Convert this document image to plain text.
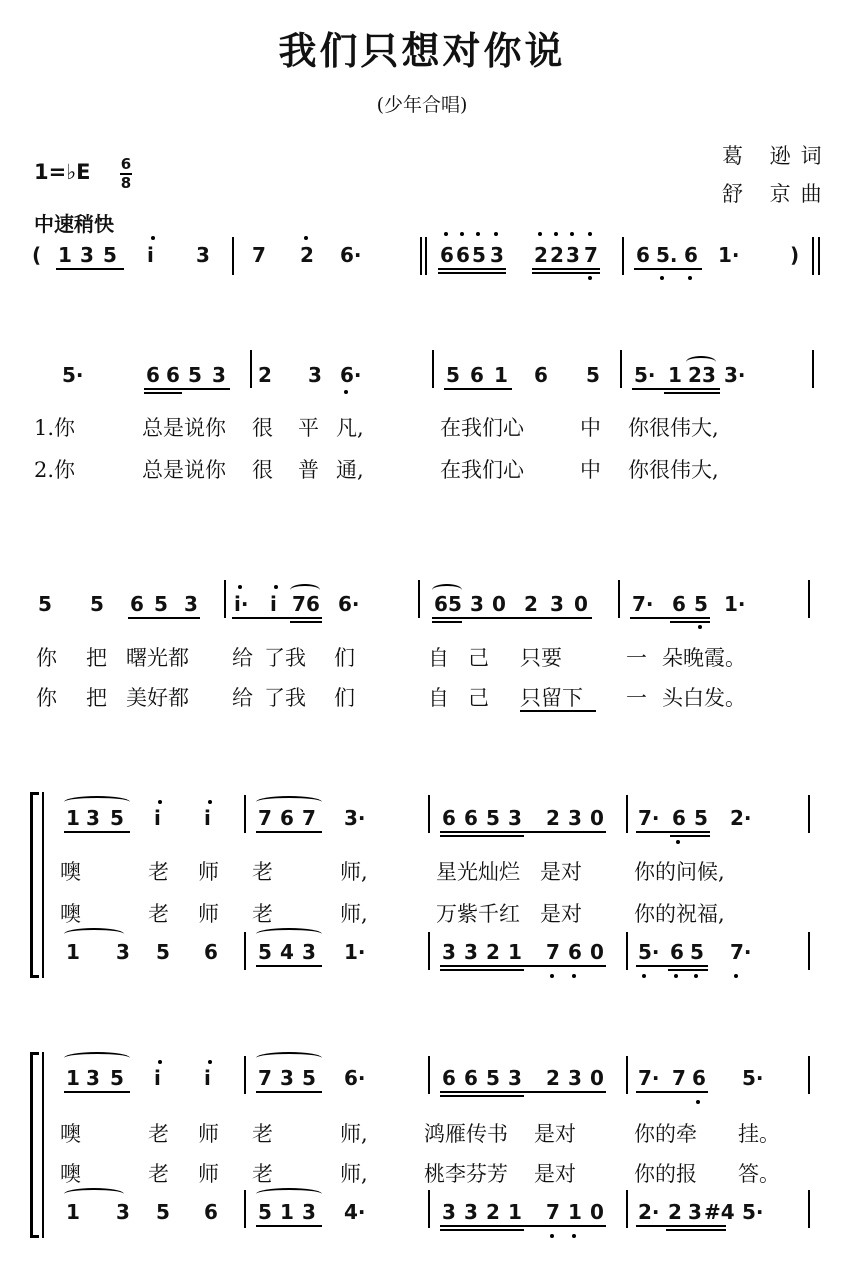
我们只想对你说
(少年合唱)
葛 逊词
舒 京曲
1=♭E 6
8
中速稍快
( 1 3 5 i 3 7 2 6·	6 6 5 3 2 2 3 7 6 5. 6 1·	)
5·	6 6 5 3 2 3 6·	5 6 1 6 5 5· 1 2 3 3·
1.你	总是说你 很 平 凡,	在我们心	中 你很伟大,
2.你	总是说你 很 普 通,	在我们心	中 你很伟大,
5 5 6 5 3 i· i 7 6 6·	6 5 3 0 2 3 0 7· 6 5 1·
你 把 曙光都 给 了我 们	自 己 只要	一 朵晚霞。
你 把 美好都 给 了我 们	自 己 只留下 一 头白发。
1 3 5 i i 7 6 7 3·	6 6 5 3 2 3 0 7· 6 5 2·
噢	老 师 老	师,	星光灿烂 是对 你的问候,
噢	老 师 老	师,	万紫千红 是对 你的祝福,
1 3 5 6 5 4 3 1·	3 3 2 1 7 6 0 5· 6 5 7·
1 3 5 i i 7 3 5 6·	6 6 5 3 2 3 0 7· 7 6 5·
噢	老 师 老	师,	鸿雁传书 是对	你的牵 挂。
噢	老 师 老	师,	桃李芬芳 是对	你的报 答。
1 3 5 6 5 1 3 4·	3 3 2 1 7 1 0 2· 2 3 #4 5·
